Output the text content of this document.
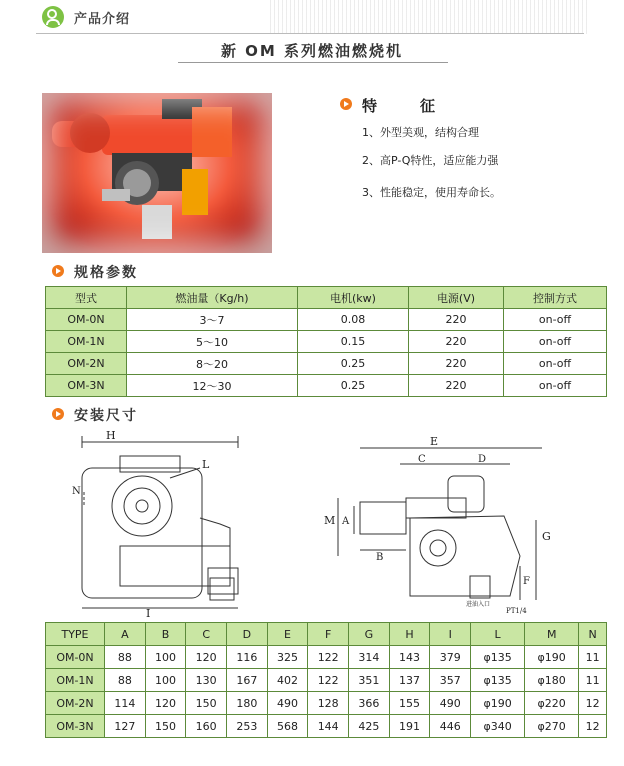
产品介绍
新 OM 系列燃油燃烧机
特　征
1、外型美观，结构合理
2、高P-Q特性，适应能力强
3、性能稳定，使用寿命长。
规格参数
型式	燃油量（Kg/h)	电机(kw)	电源(V)	控制方式
OM-0N	3～7	0.08	220	on-off
OM-1N	5～10	0.15	220	on-off
OM-2N	8～20	0.25	220	on-off
OM-3N	12～30	0.25	220	on-off
安装尺寸
H
N
L
I
E
C	D
M A
B
G
F
PT1/4
进油入口
TYPE	A	B	C	D	E	F	G	H	I	L	M	N
OM-0N	88	100	120	116	325	122	314	143	379	φ135	φ190	11
OM-1N	88	100	130	167	402	122	351	137	357	φ135	φ180	11
OM-2N	114	120	150	180	490	128	366	155	490	φ190	φ220	12
OM-3N	127	150	160	253	568	144	425	191	446	φ340	φ270	12
